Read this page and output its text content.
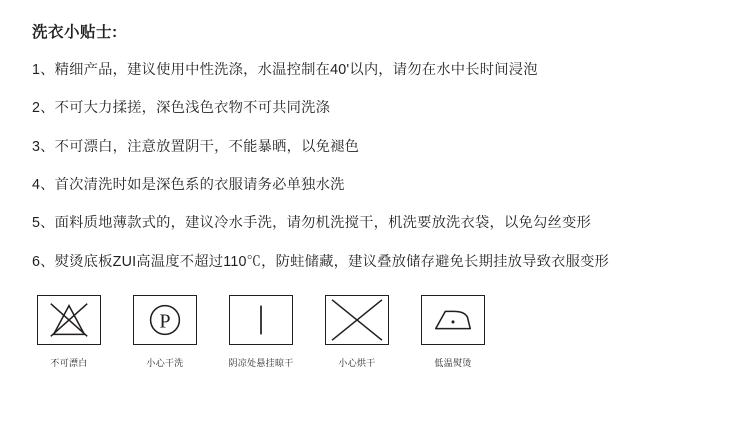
洗衣小贴士:
1、精细产品，建议使用中性洗涤，水温控制在40'以内，请勿在水中长时间浸泡
2、不可大力揉搓，深色浅色衣物不可共同洗涤
3、不可漂白，注意放置阴干，不能暴晒，以免褪色
4、首次清洗时如是深色系的衣服请务必单独水洗
5、面料质地薄款式的，建议冷水手洗，请勿机洗搅干，机洗要放洗衣袋，以免勾丝变形
6、熨烫底板ZUI高温度不超过110℃，防蛀储藏，建议叠放储存避免长期挂放导致衣服变形
不可漂白
P
小心干洗	阴凉处悬挂晾干	小心烘干	低温熨烫
